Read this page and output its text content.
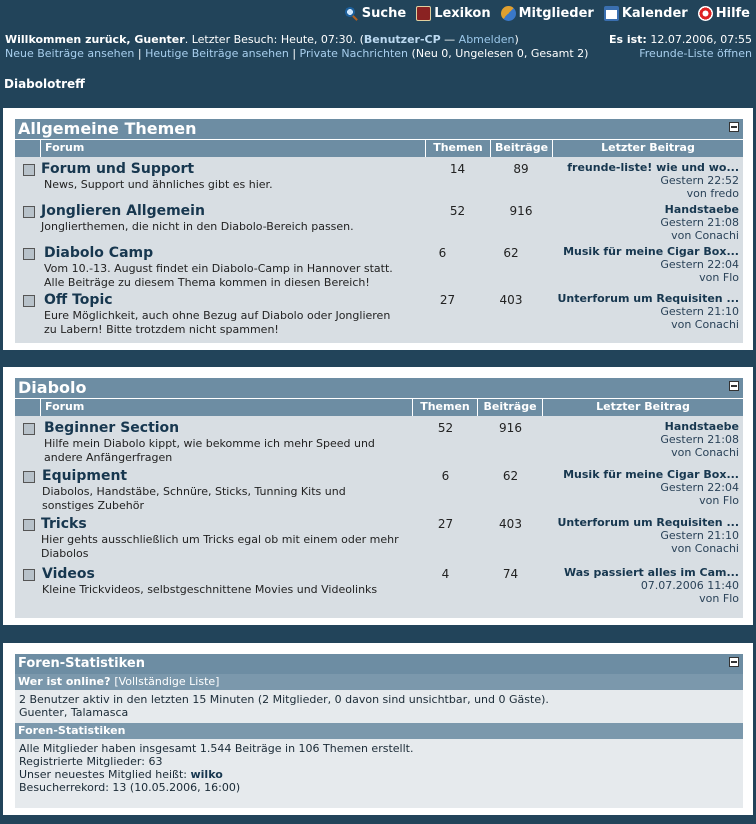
Suche Lexikon Mitglieder Kalender Hilfe
Willkommen zurück, Guenter. Letzter Besuch: Heute, 07:30. (Benutzer-CP — Abmelden)	Es ist: 12.07.2006, 07:55
Neue Beiträge ansehen | Heutige Beiträge ansehen | Private Nachrichten (Neu 0, Ungelesen 0, Gesamt 2)	Freunde-Liste öffnen
Diabolotreff
Allgemeine Themen
Forum	Themen	Beiträge	Letzter Beitrag
Forum und Support
News, Support und ähnliches gibt es hier.
14	89	freunde-liste! wie und wo...
Gestern 22:52
von fredo
Jonglieren Allgemein
Jonglierthemen, die nicht in den Diabolo-Bereich passen.
52	916	Handstaebe
Gestern 21:08
von Conachi
Diabolo Camp
Vom 10.-13. August findet ein Diabolo-Camp in Hannover statt. Alle Beiträge zu diesem Thema kommen in diesen Bereich!
6	62	Musik für meine Cigar Box...
Gestern 22:04
von Flo
Off Topic
Eure Möglichkeit, auch ohne Bezug auf Diabolo oder Jonglieren zu Labern! Bitte trotzdem nicht spammen!
27	403	Unterforum um Requisiten ...
Gestern 21:10
von Conachi
Diabolo
Forum	Themen	Beiträge	Letzter Beitrag
Beginner Section
Hilfe mein Diabolo kippt, wie bekomme ich mehr Speed und andere Anfängerfragen
52	916	Handstaebe
Gestern 21:08
von Conachi
Equipment
Diabolos, Handstäbe, Schnüre, Sticks, Tunning Kits und sonstiges Zubehör
6	62	Musik für meine Cigar Box...
Gestern 22:04
von Flo
Tricks
Hier gehts ausschließlich um Tricks egal ob mit einem oder mehr Diabolos
27	403	Unterforum um Requisiten ...
Gestern 21:10
von Conachi
Videos
Kleine Trickvideos, selbstgeschnittene Movies und Videolinks
4	74	Was passiert alles im Cam...
07.07.2006 11:40
von Flo
Foren-Statistiken
Wer ist online? [Vollständige Liste]
2 Benutzer aktiv in den letzten 15 Minuten (2 Mitglieder, 0 davon sind unsichtbar, und 0 Gäste).
Guenter, Talamasca
Foren-Statistiken
Alle Mitglieder haben insgesamt 1.544 Beiträge in 106 Themen erstellt.
Registrierte Mitglieder: 63
Unser neuestes Mitglied heißt: wilko
Besucherrekord: 13 (10.05.2006, 16:00)
